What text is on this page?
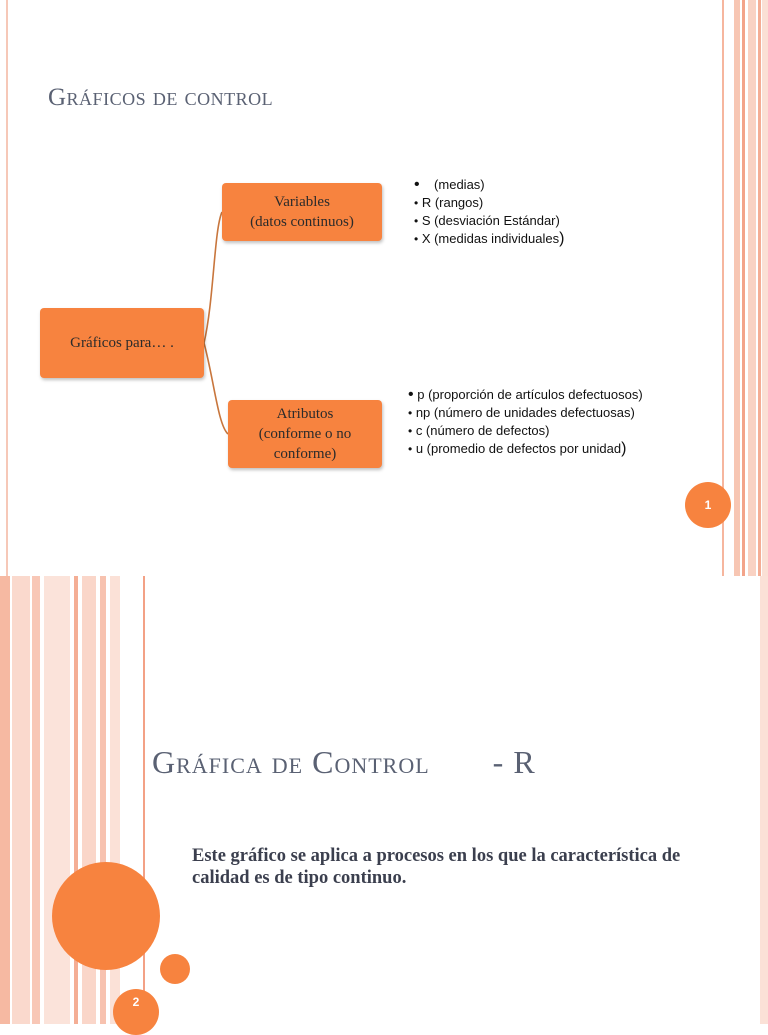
Gráficos de control
Gráficos para… .
Variables
(datos continuos)
Atributos
(conforme o no
conforme)
•    (medias)
• R (rangos)
• S (desviación Estándar)
• X (medidas individuales)
• p (proporción de artículos defectuosos)
• np (número de unidades defectuosas)
• c (número de defectos)
• u (promedio de defectos por unidad)
1
Gráfica de Control       - R

Este gráfico se aplica a procesos en los que la característica de calidad es de tipo continuo.

2
